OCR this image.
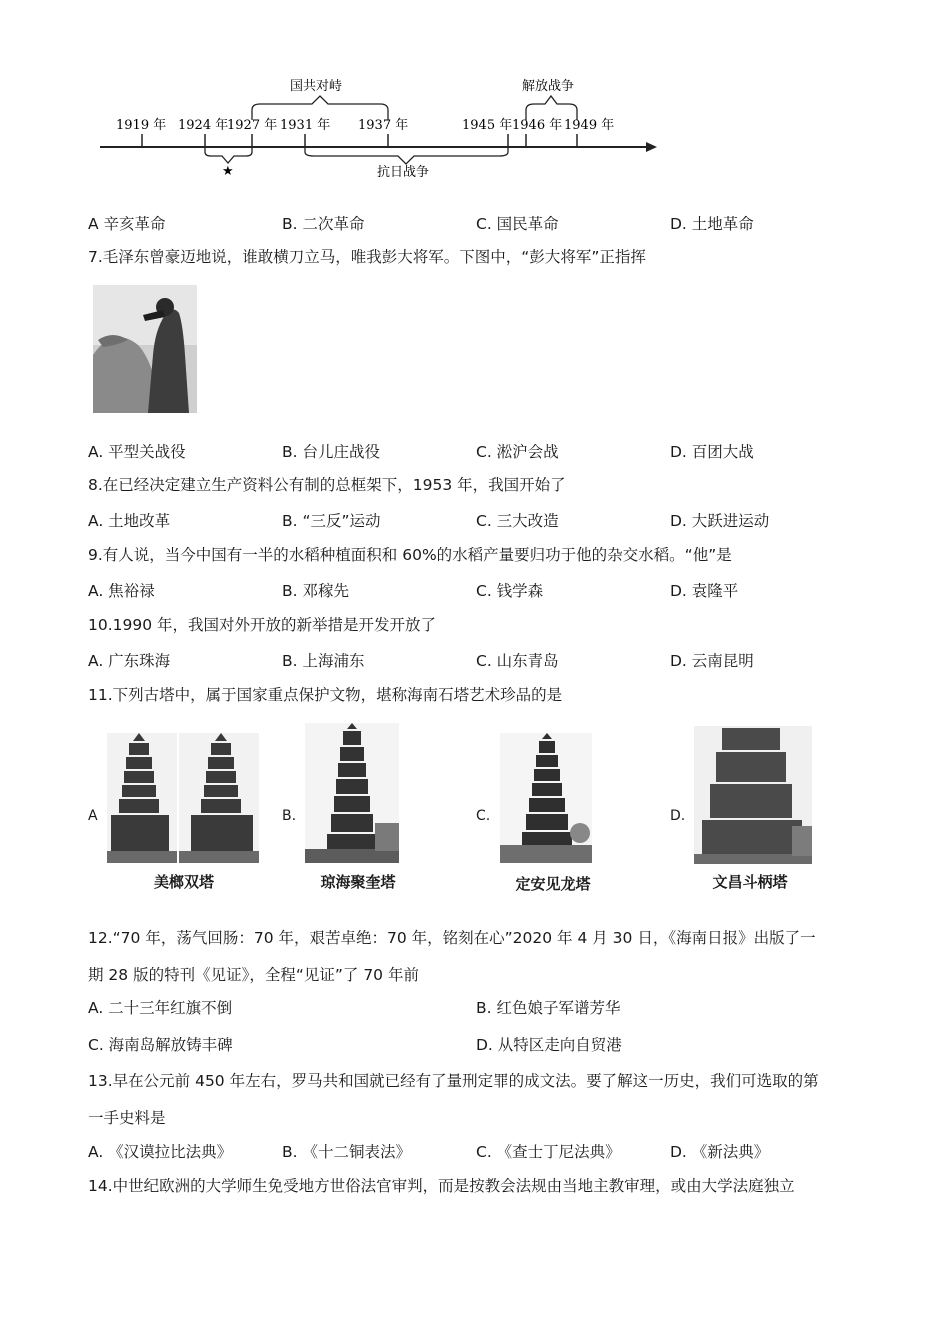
1919 年 1924 年
1927 年 1931 年 1937 年	1945 年 1946 年 1949 年
国共对峙	解放战争
★	抗日战争
A 辛亥革命	B. 二次革命	C. 国民革命	D. 土地革命
7.毛泽东曾豪迈地说，谁敢横刀立马，唯我彭大将军。下图中，“彭大将军”正指挥
A. 平型关战役	B. 台儿庄战役	C. 淞沪会战	D. 百团大战
8.在已经决定建立生产资料公有制的总框架下，1953 年，我国开始了
A. 土地改革	B. “三反”运动	C. 三大改造	D. 大跃进运动
9.有人说，当今中国有一半的水稻种植面积和 60%的水稻产量要归功于他的杂交水稻。“他”是
A. 焦裕禄	B. 邓稼先	C. 钱学森	D. 袁隆平
10.1990 年，我国对外开放的新举措是开发开放了
A. 广东珠海	B. 上海浦东	C. 山东青岛	D. 云南昆明
11.下列古塔中，属于国家重点保护文物，堪称海南石塔艺术珍品的是
A	B.	C.	D.
美榔双塔	琼海聚奎塔	定安见龙塔	文昌斗柄塔
12.“70 年，荡气回肠：70 年，艰苦卓绝：70 年，铭刻在心”2020 年 4 月 30 日，《海南日报》出版了一
期 28 版的特刊《见证》，全程“见证”了 70 年前
A. 二十三年红旗不倒	B. 红色娘子军谱芳华
C. 海南岛解放铸丰碑	D. 从特区走向自贸港
13.早在公元前 450 年左右，罗马共和国就已经有了量刑定罪的成文法。要了解这一历史，我们可选取的第
一手史料是
A. 《汉谟拉比法典》	B. 《十二铜表法》	C. 《查士丁尼法典》	D. 《新法典》
14.中世纪欧洲的大学师生免受地方世俗法官审判，而是按教会法规由当地主教审理，或由大学法庭独立
